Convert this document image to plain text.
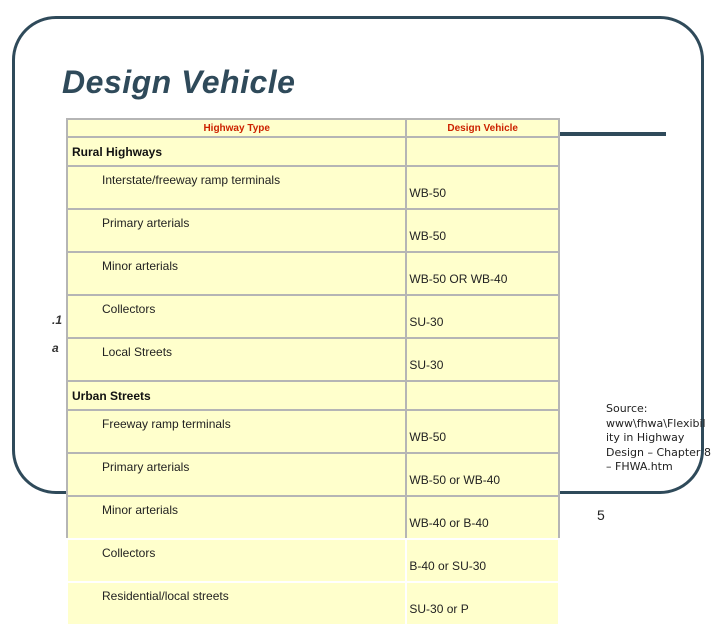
Design Vehicle
.1
a
Highway Type	Design Vehicle
Rural Highways	
Interstate/freeway ramp terminals	WB-50
Primary arterials	WB-50
Minor arterials	WB-50 OR WB-40
Collectors	SU-30
Local Streets	SU-30
Urban Streets	
Freeway ramp terminals	WB-50
Primary arterials	WB-50 or WB-40
Minor arterials	WB-40 or B-40
Collectors	B-40 or SU-30
Residential/local streets	SU-30 or P
Source:
www\fhwa\Flexibil
ity in Highway
Design – Chapter 8
– FHWA.htm
5
